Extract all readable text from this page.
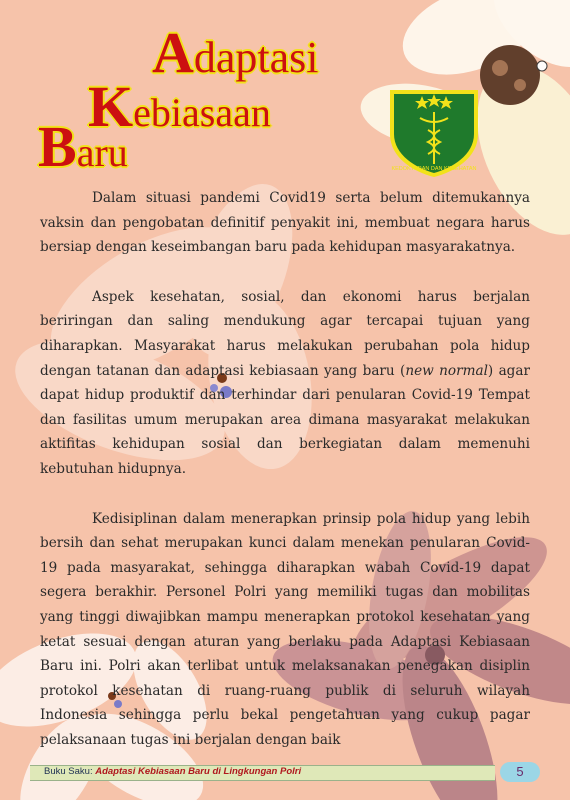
Adaptasi
Kebiasaan
Baru	KEDOKTERAN DAN KESEHATAN

Dalam situasi pandemi Covid19 serta belum ditemukannya vaksin dan pengobatan definitif penyakit ini, membuat negara harus bersiap dengan keseimbangan baru pada kehidupan masyarakatnya.

Aspek kesehatan, sosial, dan ekonomi harus berjalan beriringan dan saling mendukung agar tercapai tujuan yang diharapkan. Masyarakat harus melakukan perubahan pola hidup dengan tatanan dan adaptasi kebiasaan yang baru (new normal) agar dapat hidup produktif dan terhindar dari penularan Covid-19 Tempat dan fasilitas umum merupakan area dimana masyarakat melakukan aktifitas kehidupan sosial dan berkegiatan dalam memenuhi kebutuhan hidupnya.

Kedisiplinan dalam menerapkan prinsip pola hidup yang lebih bersih dan sehat merupakan kunci dalam menekan penularan Covid-19 pada masyarakat, sehingga diharapkan wabah Covid-19 dapat segera berakhir. Personel Polri yang memiliki tugas dan mobilitas yang tinggi diwajibkan mampu menerapkan protokol kesehatan yang ketat sesuai dengan aturan yang berlaku pada Adaptasi Kebiasaan Baru ini. Polri akan terlibat untuk melaksanakan penegakan disiplin protokol kesehatan di ruang-ruang publik di seluruh wilayah Indonesia sehingga perlu bekal pengetahuan yang cukup pagar pelaksanaan tugas ini berjalan dengan baik

Buku Saku: Adaptasi Kebiasaan Baru di Lingkungan Polri	5
